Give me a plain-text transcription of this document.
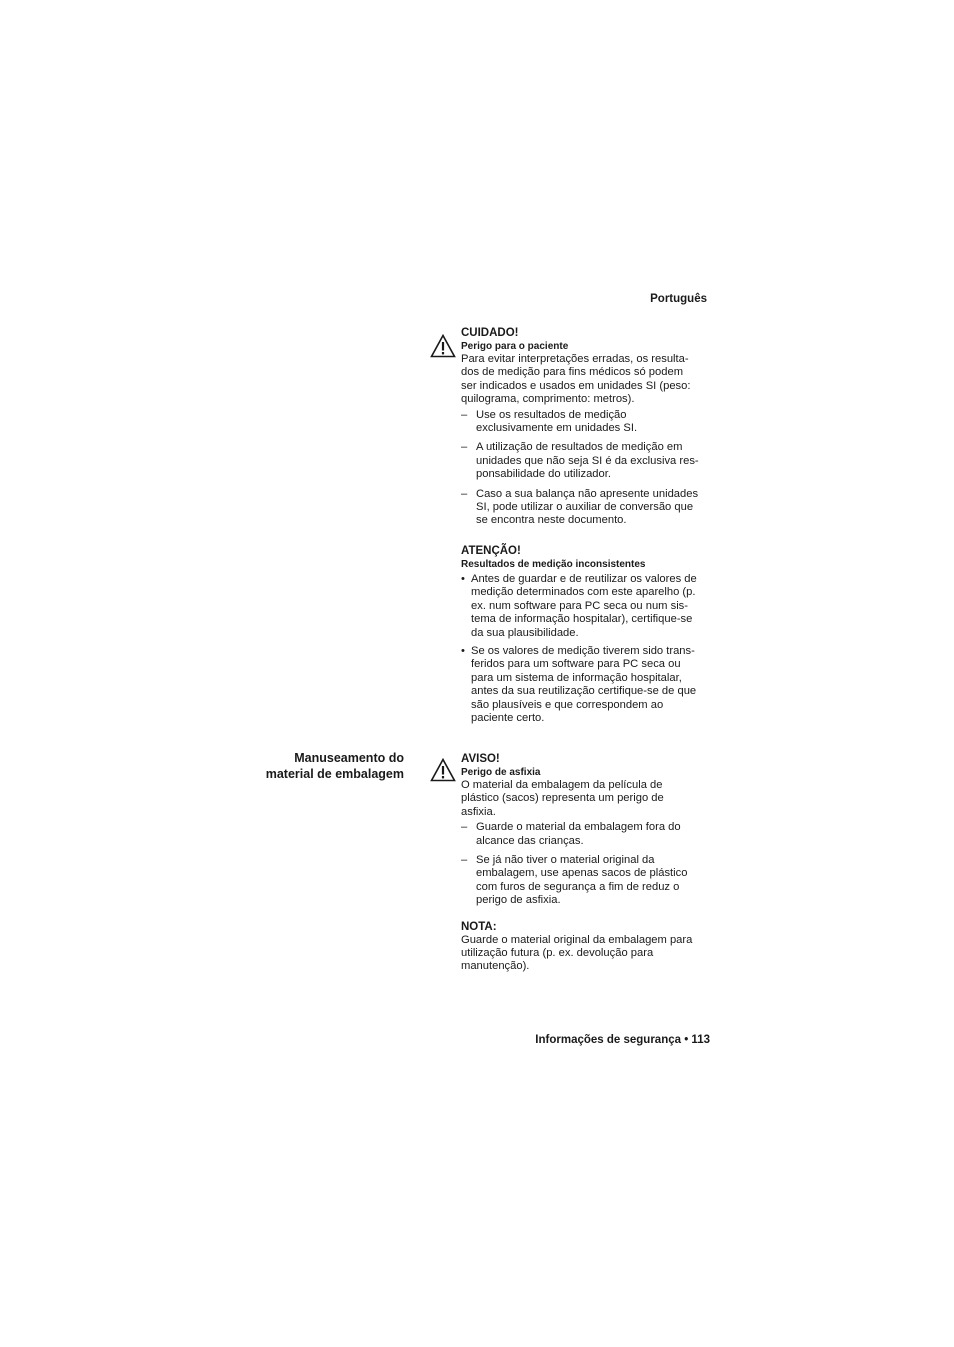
Português
CUIDADO!
Perigo para o paciente

Para evitar interpretações erradas, os resulta-
dos de medição para fins médicos só podem
ser indicados e usados em unidades SI (peso:
quilograma, comprimento: metros).

– Use os resultados de medição
exclusivamente em unidades SI.
– A utilização de resultados de medição em
unidades que não seja SI é da exclusiva res-
ponsabilidade do utilizador.
– Caso a sua balança não apresente unidades
SI, pode utilizar o auxiliar de conversão que
se encontra neste documento.
ATENÇÃO!
Resultados de medição inconsistentes
• Antes de guardar e de reutilizar os valores de
medição determinados com este aparelho (p.
ex. num software para PC seca ou num sis-
tema de informação hospitalar), certifique-se
da sua plausibilidade.
• Se os valores de medição tiverem sido trans-
feridos para um software para PC seca ou
para um sistema de informação hospitalar,
antes da sua reutilização certifique-se de que
são plausíveis e que correspondem ao
paciente certo.
Manuseamento do
material de embalagem
AVISO!
Perigo de asfixia

O material da embalagem da película de
plástico (sacos) representa um perigo de
asfixia.

– Guarde o material da embalagem fora do
alcance das crianças.
– Se já não tiver o material original da
embalagem, use apenas sacos de plástico
com furos de segurança a fim de reduz o
perigo de asfixia.
NOTA:

Guarde o material original da embalagem para
utilização futura (p. ex. devolução para
manutenção).

Informações de segurança • 113
